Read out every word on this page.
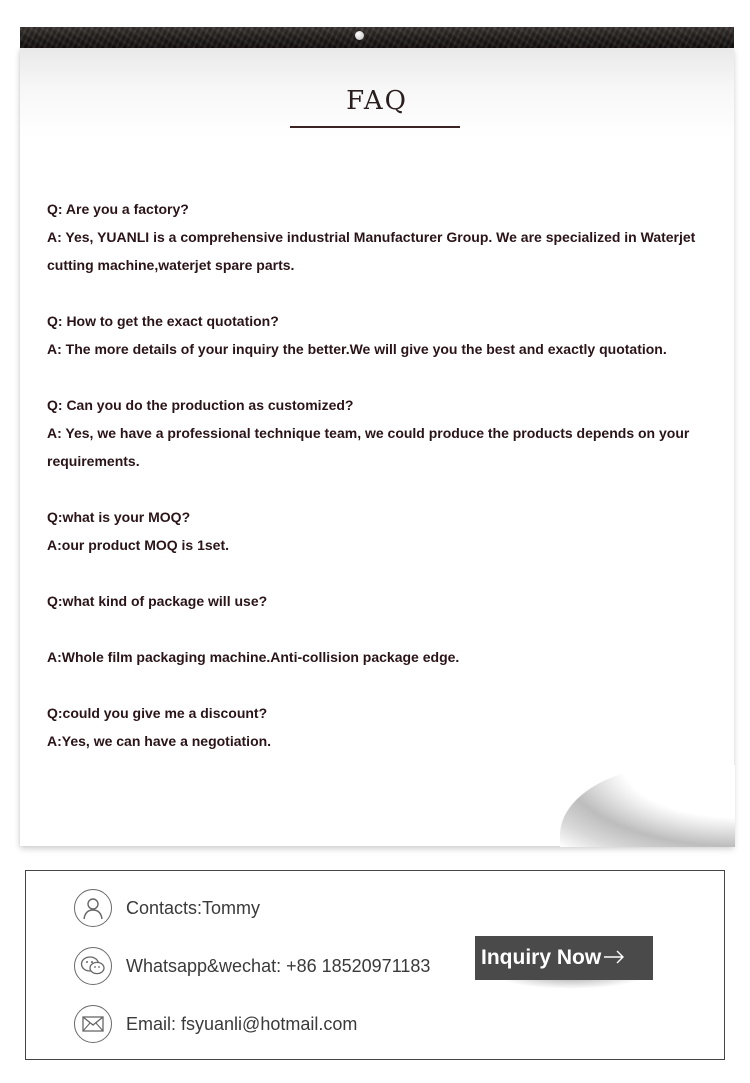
FAQ

Q: Are you a factory?

A: Yes, YUANLI is a comprehensive industrial Manufacturer Group. We are specialized in Waterjet

cutting machine,waterjet spare parts.

Q: How to get the exact quotation?

A: The more details of your inquiry the better.We will give you the best and exactly quotation.

Q: Can you do the production as customized?

A: Yes, we have a professional technique team, we could produce the products depends on your

requirements.

Q:what is your MOQ?

A:our product MOQ is 1set.

Q:what kind of package will use?

A:Whole film packaging machine.Anti-collision package edge.

Q:could you give me a discount?

A:Yes, we can have a negotiation.

Contacts:Tommy
Whatsapp&wechat: +86 18520971183
Email: fsyuanli@hotmail.com
Inquiry Now
